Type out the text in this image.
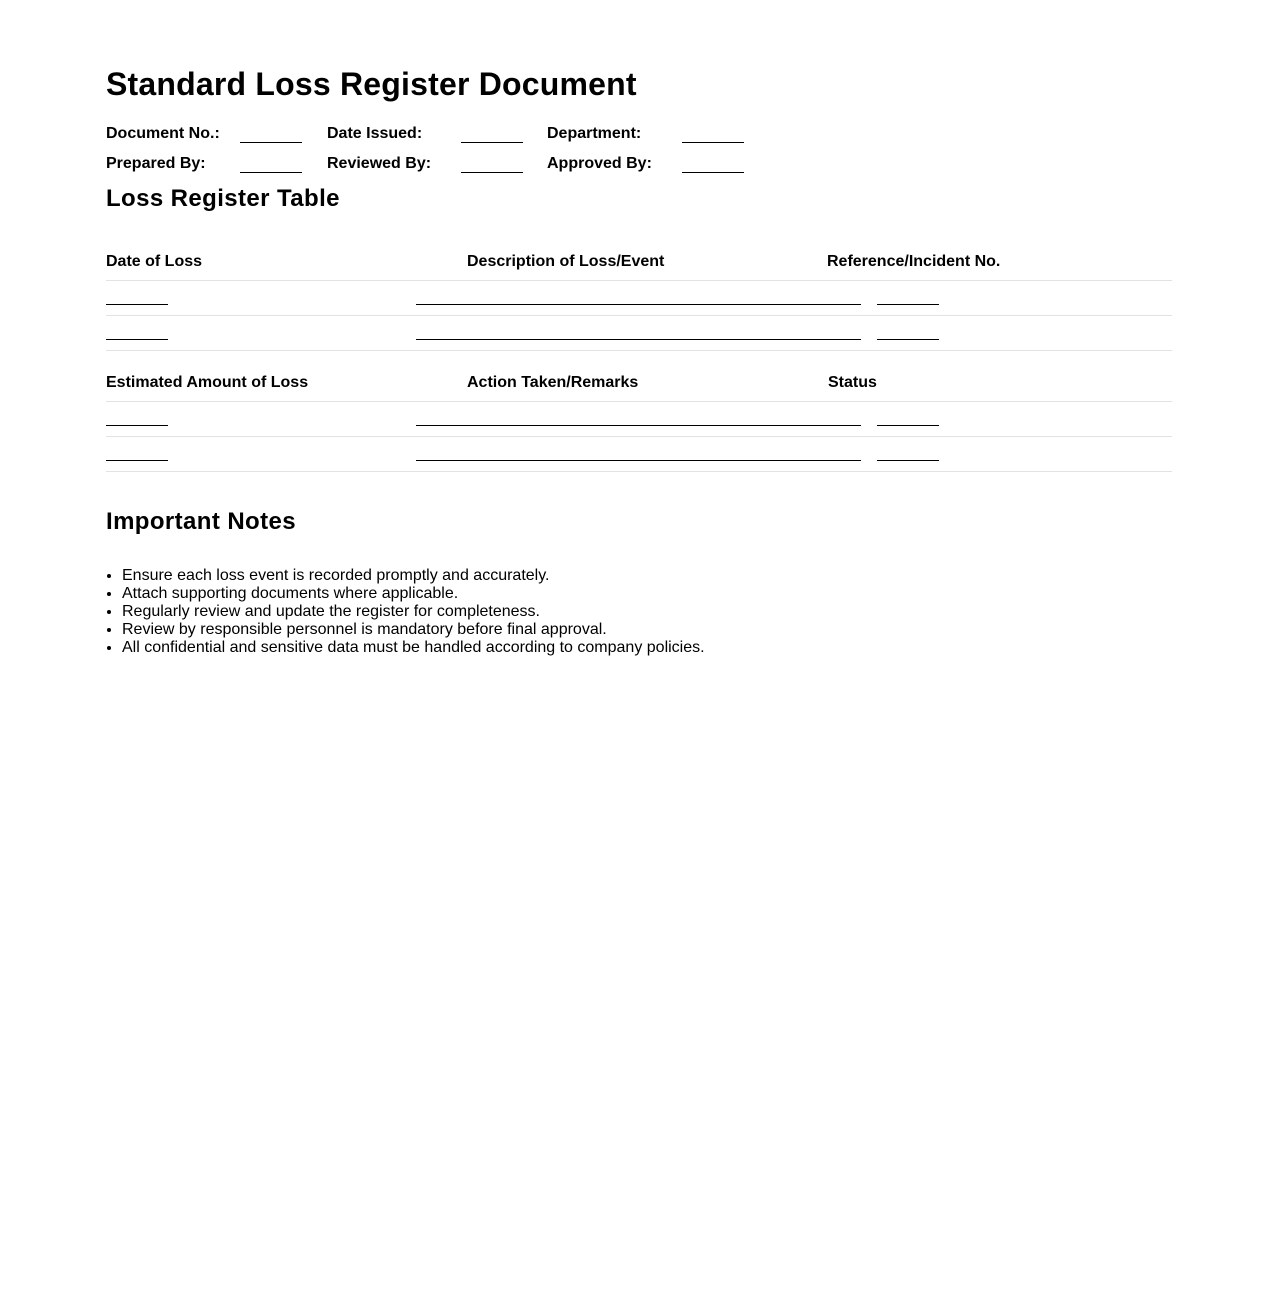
Standard Loss Register Document
Document No.:	Date Issued:	Department:
Prepared By:	Reviewed By:	Approved By:
Loss Register Table
Date of Loss	Description of Loss/Event	Reference/Incident No.
Estimated Amount of Loss	Action Taken/Remarks	Status
Important Notes
• Ensure each loss event is recorded promptly and accurately.
• Attach supporting documents where applicable.
• Regularly review and update the register for completeness.
• Review by responsible personnel is mandatory before final approval.
• All confidential and sensitive data must be handled according to company policies.
